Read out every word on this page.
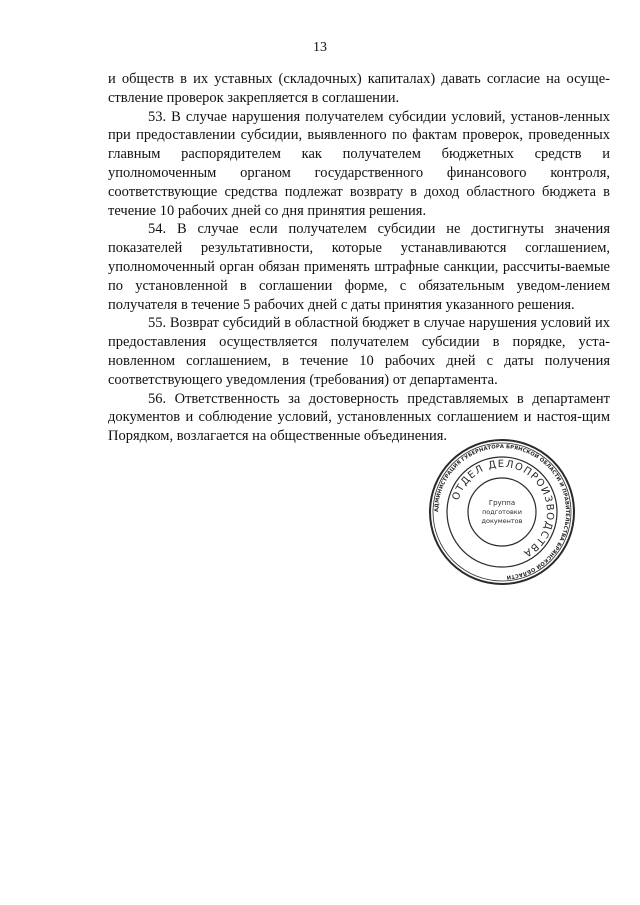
13

и обществ в их уставных (складочных) капиталах) давать согласие на осуще-ствление проверок закрепляется в соглашении.

53. В случае нарушения получателем субсидии условий, установ-ленных при предоставлении субсидии, выявленного по фактам проверок, проведенных главным распорядителем как получателем бюджетных средств и уполномоченным органом государственного финансового контроля, соответствующие средства подлежат возврату в доход областного бюджета в течение 10 рабочих дней со дня принятия решения.

54. В случае если получателем субсидии не достигнуты значения показателей результативности, которые устанавливаются соглашением, уполномоченный орган обязан применять штрафные санкции, рассчиты-ваемые по установленной в соглашении форме, с обязательным уведом-лением получателя в течение 5 рабочих дней с даты принятия указанного решения.

55. Возврат субсидий в областной бюджет в случае нарушения условий их предоставления осуществляется получателем субсидии в порядке, уста-новленном соглашением, в течение 10 рабочих дней с даты получения соответствующего уведомления (требования) от департамента.

56. Ответственность за достоверность представляемых в департамент документов и соблюдение условий, установленных соглашением и настоя-щим Порядком, возлагается на общественные объединения.

АДМИНИСТРАЦИЯ ГУБЕРНАТОРА БРЯНСКОЙ ОБЛАСТИ И ПРАВИТЕЛЬСТВА БРЯНСКОЙ ОБЛАСТИ
ОТДЕЛ ДЕЛОПРОИЗВОДСТВА
Группа
подготовки
документов
